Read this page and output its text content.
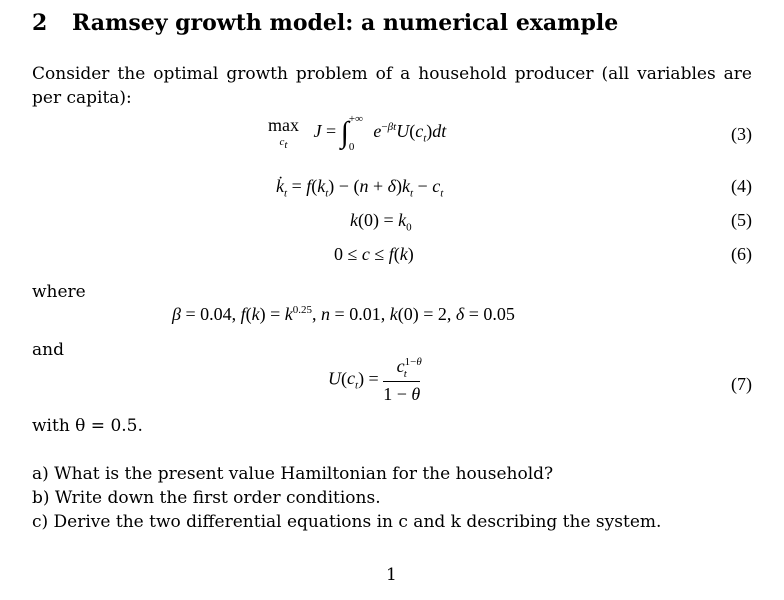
2 Ramsey growth model: a numerical example
Consider the optimal growth problem of a household producer (all variables are per capita):
max
$c_t$
J = ∫ +∞
0
$e^{-\beta t}U(c_t)dt$	(3)
$k̇_t = f(k_t) - (n + \delta)k_t - c_t$	(4)
$k(0) = k_0$	(5)
0 ≤ c ≤ f(k)	(6)
where
β = 0.04, $f(k) = k^{0.25}$, n = 0.01, k(0) = 2, δ = 0.05
and
$U(c_t) = \frac{c^{1-\theta}_t}{1 - \theta}$	(7)
with θ = 0.5.
a) What is the present value Hamiltonian for the household?
b) Write down the first order conditions.
c) Derive the two differential equations in c and k describing the system.
1
